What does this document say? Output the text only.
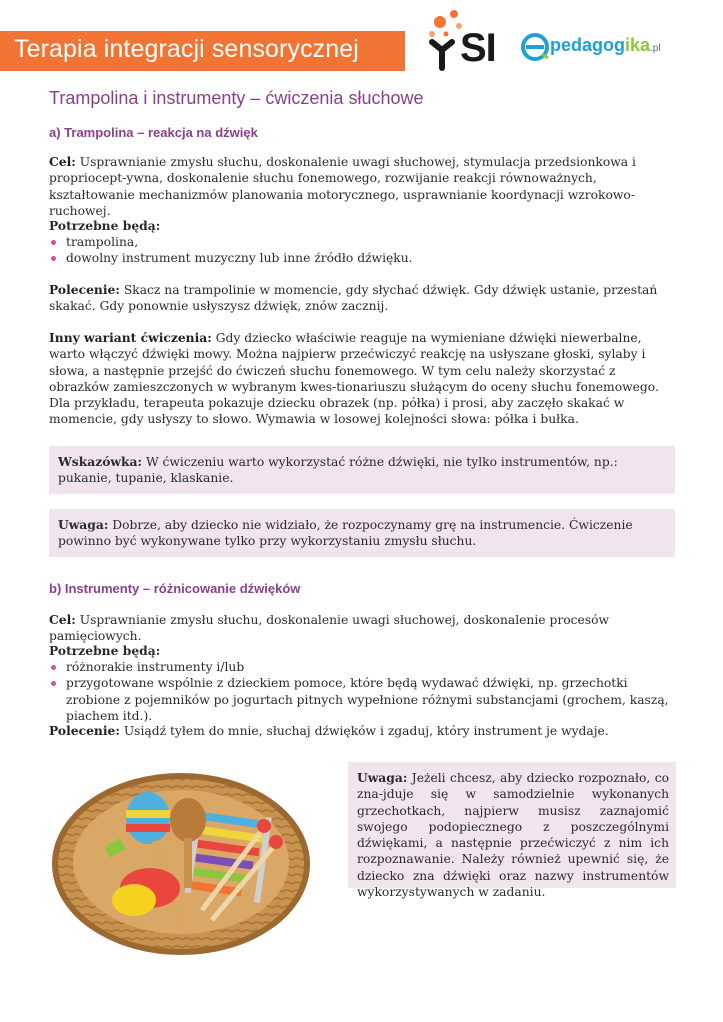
Terapia integracji sensorycznej	SI	pedagogika.pl
Trampolina i instrumenty – ćwiczenia słuchowe
a) Trampolina – reakcja na dźwięk

Cel: Usprawnianie zmysłu słuchu, doskonalenie uwagi słuchowej, stymulacja przedsionkowa i propriocept-ywna, doskonalenie słuchu fonemowego, rozwijanie reakcji równoważnych, kształtowanie mechanizmów planowania motorycznego, usprawnianie koordynacji wzrokowo-ruchowej.

Potrzebne będą:

trampolina,
dowolny instrument muzyczny lub inne źródło dźwięku.

Polecenie: Skacz na trampolinie w momencie, gdy słychać dźwięk. Gdy dźwięk ustanie, przestań skakać. Gdy ponownie usłyszysz dźwięk, znów zacznij.

Inny wariant ćwiczenia: Gdy dziecko właściwie reaguje na wymieniane dźwięki niewerbalne, warto włączyć dźwięki mowy. Można najpierw przećwiczyć reakcję na usłyszane głoski, sylaby i słowa, a następnie przejść do ćwiczeń słuchu fonemowego. W tym celu należy skorzystać z obrazków zamieszczonych w wybranym kwes-tionariuszu służącym do oceny słuchu fonemowego. Dla przykładu, terapeuta pokazuje dziecku obrazek (np. półka) i prosi, aby zaczęło skakać w momencie, gdy usłyszy to słowo. Wymawia w losowej kolejności słowa: półka i bułka.

Wskazówka: W ćwiczeniu warto wykorzystać różne dźwięki, nie tylko instrumentów, np.: pukanie, tupanie, klaskanie.

Uwaga: Dobrze, aby dziecko nie widziało, że rozpoczynamy grę na instrumencie. Ćwiczenie powinno być wykonywane tylko przy wykorzystaniu zmysłu słuchu.

b) Instrumenty – różnicowanie dźwięków

Cel: Usprawnianie zmysłu słuchu, doskonalenie uwagi słuchowej, doskonalenie procesów pamięciowych.

Potrzebne będą:

różnorakie instrumenty i/lub
przygotowane wspólnie z dzieckiem pomoce, które będą wydawać dźwięki, np. grzechotki zrobione z pojemników po jogurtach pitnych wypełnione różnymi substancjami (grochem, kaszą, piachem itd.).

Polecenie: Usiądź tyłem do mnie, słuchaj dźwięków i zgaduj, który instrument je wydaje.

Uwaga: Jeżeli chcesz, aby dziecko rozpoznało, co zna-jduje się w samodzielnie wykonanych grzechotkach, najpierw musisz zaznajomić swojego podopiecznego z poszczególnymi dźwiękami, a następnie przećwiczyć z nim ich rozpoznawanie. Należy również upewnić się, że dziecko zna dźwięki oraz nazwy instrumentów wykorzystywanych w zadaniu.
